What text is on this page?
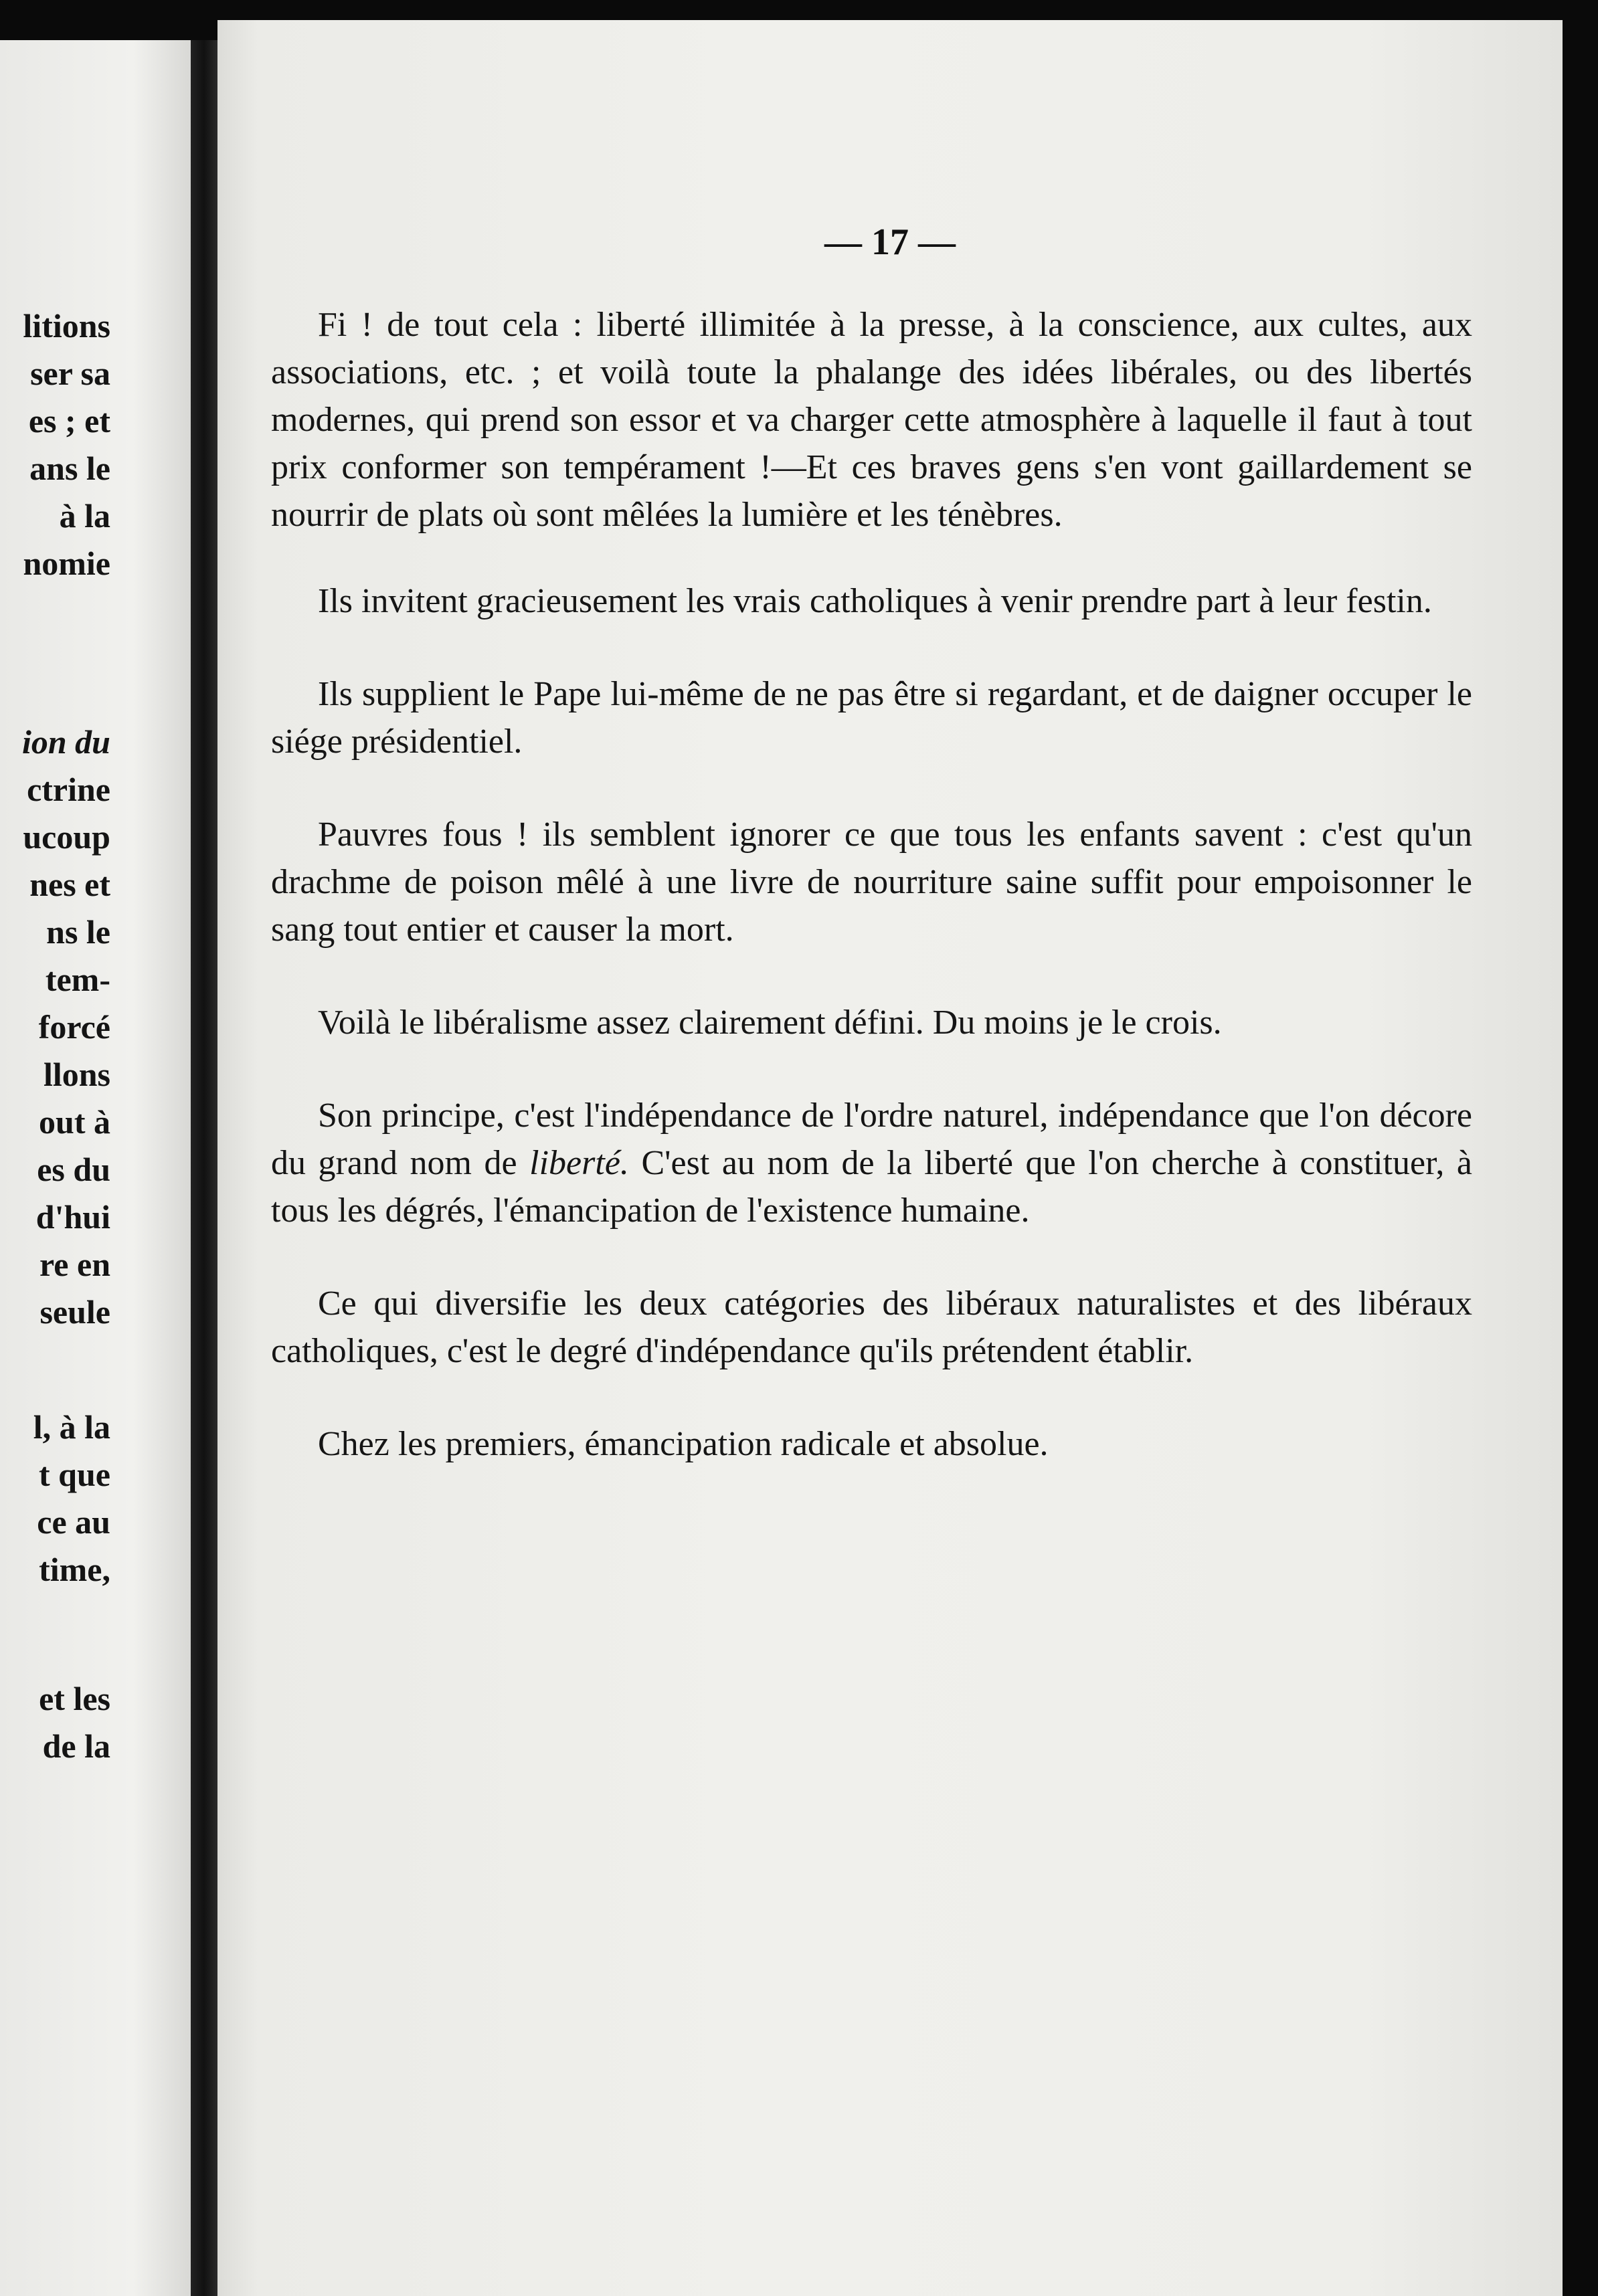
litions
ser sa
es ; et
ans le
à la
nomie
ion du
ctrine
ucoup
nes et
ns le
tem-
forcé
llons
out à
es du
d'hui
re en
seule
l, à la
t que
ce au
time,
et les
de la
— 17 —

Fi ! de tout cela : liberté illimitée à la presse, à la conscience, aux cultes, aux associations, etc. ; et voilà toute la phalange des idées libérales, ou des libertés modernes, qui prend son essor et va charger cette atmosphère à laquelle il faut à tout prix conformer son tempérament !—Et ces braves gens s'en vont gaillardement se nourrir de plats où sont mêlées la lumière et les ténèbres.

Ils invitent gracieusement les vrais catholiques à venir prendre part à leur festin.

Ils supplient le Pape lui-même de ne pas être si regardant, et de daigner occuper le siége présidentiel.

Pauvres fous ! ils semblent ignorer ce que tous les enfants savent : c'est qu'un drachme de poison mêlé à une livre de nourriture saine suffit pour empoisonner le sang tout entier et causer la mort.

Voilà le libéralisme assez clairement défini. Du moins je le crois.

Son principe, c'est l'indépendance de l'ordre naturel, indépendance que l'on décore du grand nom de liberté. C'est au nom de la liberté que l'on cherche à constituer, à tous les dégrés, l'émancipation de l'existence humaine.

Ce qui diversifie les deux catégories des libéraux naturalistes et des libéraux catholiques, c'est le degré d'indépendance qu'ils prétendent établir.

Chez les premiers, émancipation radicale et absolue.
